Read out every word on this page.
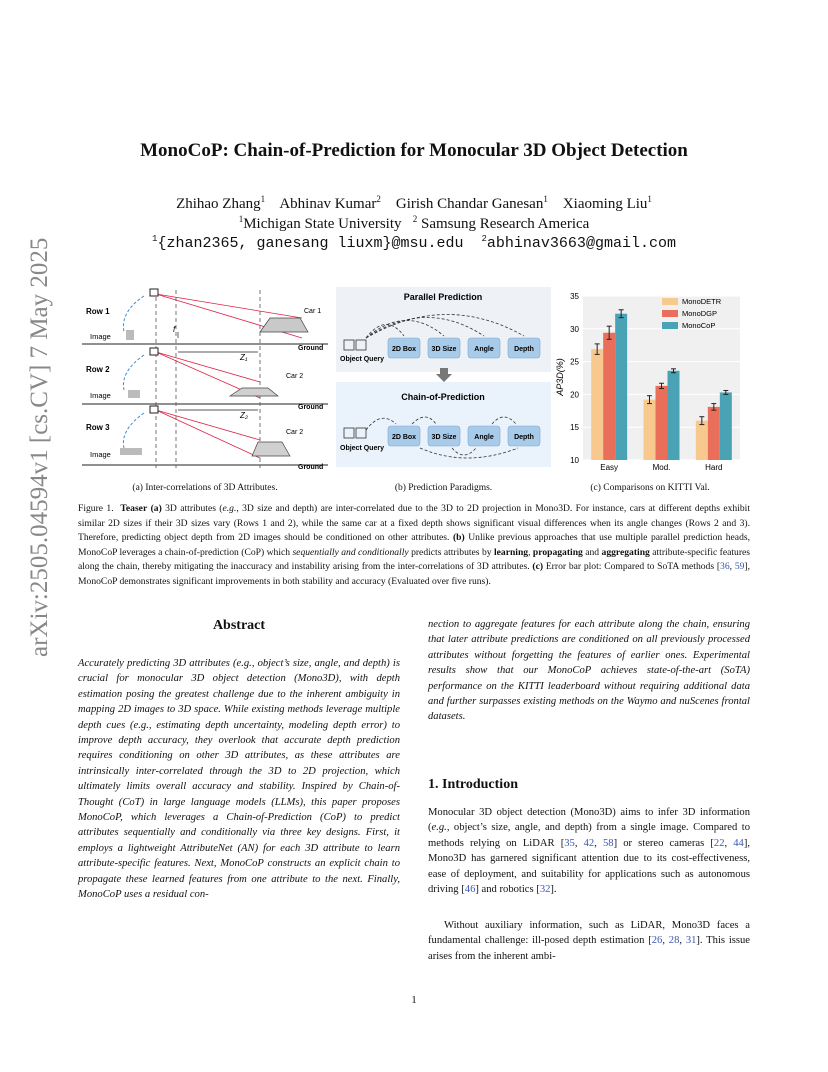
arXiv:2505.04594v1 [cs.CV] 7 May 2025
MonoCoP: Chain-of-Prediction for Monocular 3D Object Detection
Zhihao Zhang$^1$ Abhinav Kumar$^2$ Girish Chandar Ganesan$^1$ Xiaoming Liu$^1$
$^1$Michigan State University $^2$ Samsung Research America
$^1${zhan2365, ganesang liuxm}@msu.edu $^2$abhinav3663@gmail.com
Row 1
Row 2
Row 3
Image
Image
Image
Ground
Ground
Ground
Car 1
Car 2
Car 2
f
Z₁
Z₂
Parallel Prediction
Chain-of-Prediction
2D Box 3D Size	Angle	Depth
2D Box 3D Size	Angle	Depth
Object Query
Object Query
AP3D(%)
10
15
20
25
30
35
Easy	Mod.	Hard
MonoDETR
MonoDGP
MonoCoP
(a) Inter-correlations of 3D Attributes.	(b) Prediction Paradigms.	(c) Comparisons on KITTI Val.
Figure 1. Teaser (a) 3D attributes (e.g., 3D size and depth) are inter-correlated due to the 3D to 2D projection in Mono3D. For instance, cars at different depths exhibit similar 2D sizes if their 3D sizes vary (Rows 1 and 2), while the same car at a fixed depth shows significant visual differences when its angle changes (Rows 2 and 3). Therefore, predicting object depth from 2D images should be conditioned on other attributes. (b) Unlike previous approaches that use multiple parallel prediction heads, MonoCoP leverages a chain-of-prediction (CoP) which sequentially and conditionally predicts attributes by learning, propagating and aggregating attribute-specific features along the chain, thereby mitigating the inaccuracy and instability arising from the inter-correlations of 3D attributes. (c) Error bar plot: Compared to SoTA methods [36, 59], MonoCoP demonstrates significant improvements in both stability and accuracy (Evaluated over five runs).
Abstract
Accurately predicting 3D attributes (e.g., object’s size, angle, and depth) is crucial for monocular 3D object detection (Mono3D), with depth estimation posing the greatest challenge due to the inherent ambiguity in mapping 2D images to 3D space. While existing methods leverage multiple depth cues (e.g., estimating depth uncertainty, modeling depth error) to improve depth accuracy, they overlook that accurate depth prediction requires conditioning on other 3D attributes, as these attributes are intrinsically inter-correlated through the 3D to 2D projection, which ultimately limits overall accuracy and stability. Inspired by Chain-of-Thought (CoT) in large language models (LLMs), this paper proposes MonoCoP, which leverages a Chain-of-Prediction (CoP) to predict attributes sequentially and conditionally via three key designs. First, it employs a lightweight AttributeNet (AN) for each 3D attribute to learn attribute-specific features. Next, MonoCoP constructs an explicit chain to propagate these learned features from one attribute to the next. Finally, MonoCoP uses a residual con-
nection to aggregate features for each attribute along the chain, ensuring that later attribute predictions are conditioned on all previously processed attributes without forgetting the features of earlier ones. Experimental results show that our MonoCoP achieves state-of-the-art (SoTA) performance on the KITTI leaderboard without requiring additional data and further surpasses existing methods on the Waymo and nuScenes frontal datasets.
1. Introduction
Monocular 3D object detection (Mono3D) aims to infer 3D information (e.g., object’s size, angle, and depth) from a single image. Compared to methods relying on LiDAR [35, 42, 58] or stereo cameras [22, 44], Mono3D has garnered significant attention due to its cost-effectiveness, ease of deployment, and suitability for applications such as autonomous driving [46] and robotics [32].
Without auxiliary information, such as LiDAR, Mono3D faces a fundamental challenge: ill-posed depth estimation [26, 28, 31]. This issue arises from the inherent ambi-
1
